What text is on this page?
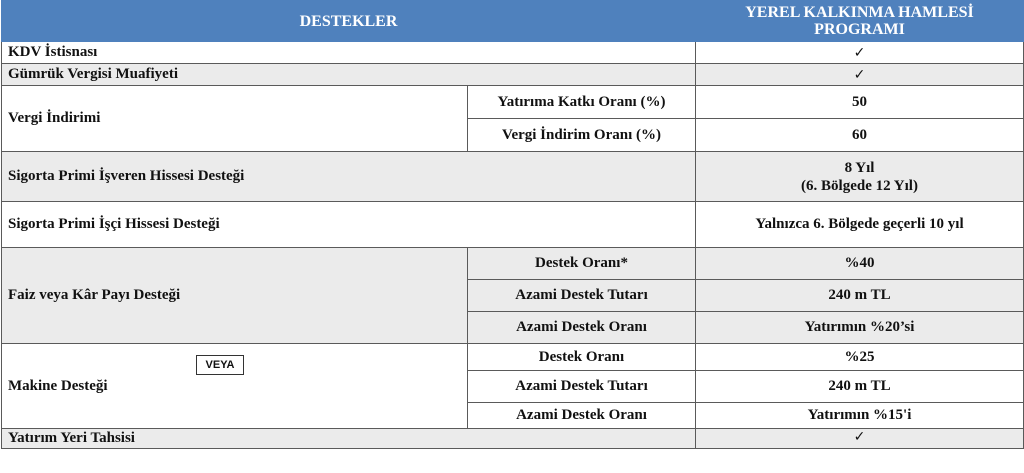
DESTEKLER		YEREL KALKINMA HAMLESİ PROGRAMI
KDV İstisnası		✓
Gümrük Vergisi Muafiyeti		✓
Vergi İndirimi	Yatırıma Katkı Oranı (%)	50
	Vergi İndirim Oranı (%)	60
Sigorta Primi İşveren Hissesi Desteği		8 Yıl
(6. Bölgede 12 Yıl)
Sigorta Primi İşçi Hissesi Desteği		Yalnızca 6. Bölgede geçerli 10 yıl
Faiz veya Kâr Payı Desteği	Destek Oranı*	%40
	Azami Destek Tutarı	240 m TL
	Azami Destek Oranı	Yatırımın %20’si
Makine Desteği	Destek Oranı	%25
	Azami Destek Tutarı	240 m TL
	Azami Destek Oranı	Yatırımın %15'i
Yatırım Yeri Tahsisi		✓
VEYA
